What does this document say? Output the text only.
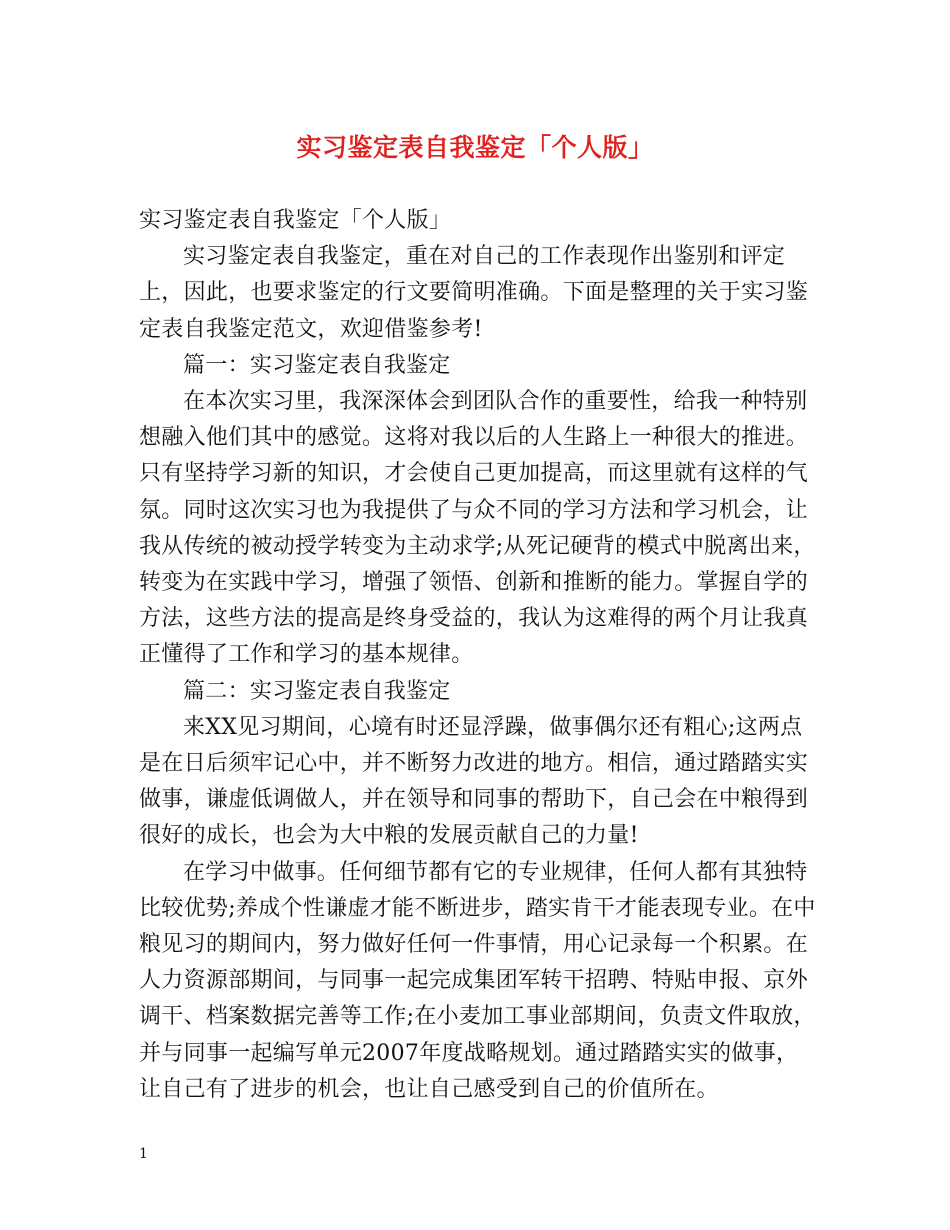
实习鉴定表自我鉴定「个人版」

实习鉴定表自我鉴定「个人版」

实习鉴定表自我鉴定，重在对自己的工作表现作出鉴别和评定上，因此，也要求鉴定的行文要简明准确。下面是整理的关于实习鉴定表自我鉴定范文，欢迎借鉴参考!

篇一：实习鉴定表自我鉴定

在本次实习里，我深深体会到团队合作的重要性，给我一种特别想融入他们其中的感觉。这将对我以后的人生路上一种很大的推进。只有坚持学习新的知识，才会使自己更加提高，而这里就有这样的气氛。同时这次实习也为我提供了与众不同的学习方法和学习机会，让我从传统的被动授学转变为主动求学;从死记硬背的模式中脱离出来，转变为在实践中学习，增强了领悟、创新和推断的能力。掌握自学的方法，这些方法的提高是终身受益的，我认为这难得的两个月让我真正懂得了工作和学习的基本规律。

篇二：实习鉴定表自我鉴定

来XX见习期间，心境有时还显浮躁，做事偶尔还有粗心;这两点是在日后须牢记心中，并不断努力改进的地方。相信，通过踏踏实实做事，谦虚低调做人，并在领导和同事的帮助下，自己会在中粮得到很好的成长，也会为大中粮的发展贡献自己的力量!

在学习中做事。任何细节都有它的专业规律，任何人都有其独特比较优势;养成个性谦虚才能不断进步，踏实肯干才能表现专业。在中粮见习的期间内，努力做好任何一件事情，用心记录每一个积累。在人力资源部期间，与同事一起完成集团军转干招聘、特贴申报、京外调干、档案数据完善等工作;在小麦加工事业部期间，负责文件取放，并与同事一起编写单元2007年度战略规划。通过踏踏实实的做事，让自己有了进步的机会，也让自己感受到自己的价值所在。

1
